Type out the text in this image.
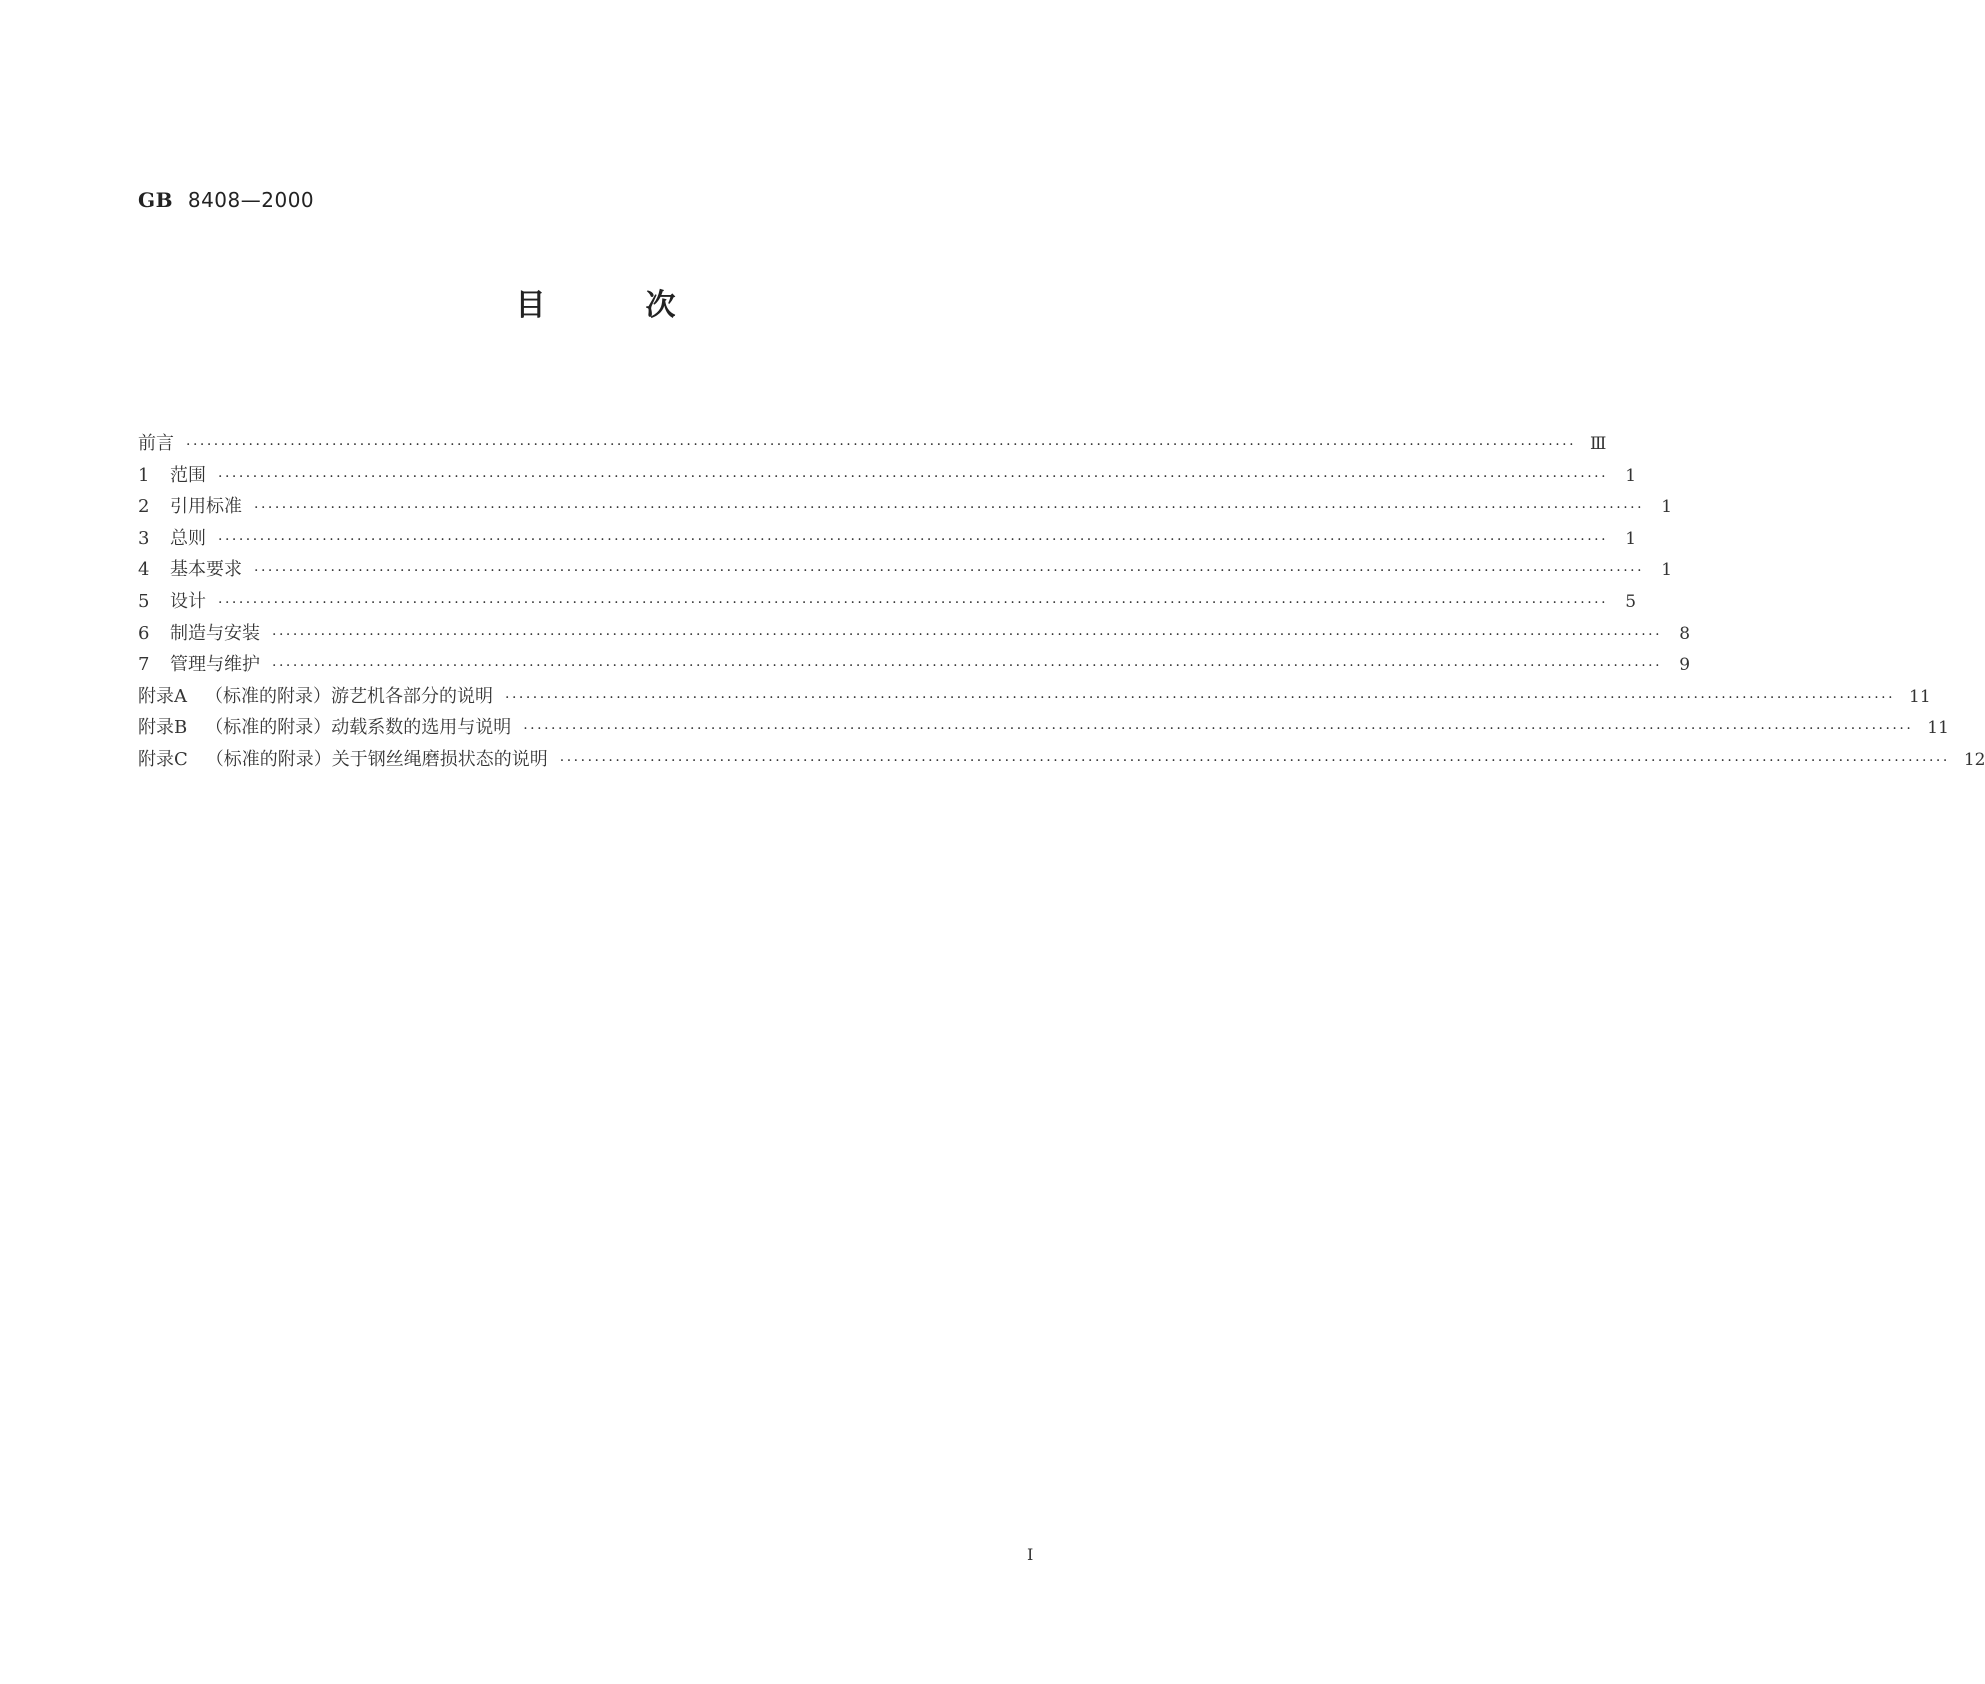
GB 8408—2000
目次
前言 ········································································································································································································ Ⅲ
1 范围 ········································································································································································································ 1
2 引用标准 ········································································································································································································ 1
3 总则 ········································································································································································································ 1
4 基本要求 ········································································································································································································ 1
5 设计 ········································································································································································································ 5
6 制造与安装 ········································································································································································································ 8
7 管理与维护 ········································································································································································································ 9
附录A （标准的附录）游艺机各部分的说明 ········································································································································································································ 11
附录B （标准的附录）动载系数的选用与说明 ········································································································································································································ 11
附录C （标准的附录）关于钢丝绳磨损状态的说明 ········································································································································································································ 12
Ⅰ
